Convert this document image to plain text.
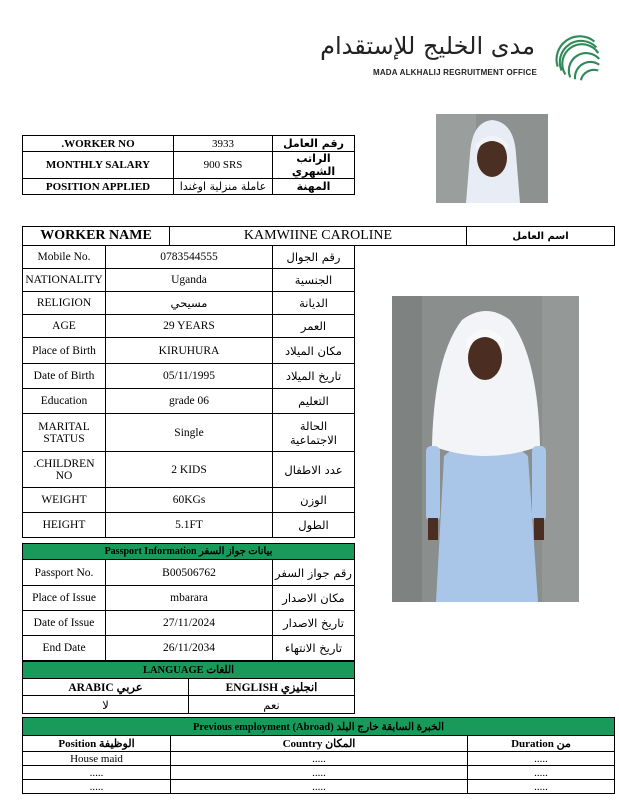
مدى الخليج للإستقدام
MADA ALKHALIJ REGRUITMENT OFFICE
.WORKER NO	3933	رقم العامل
MONTHLY SALARY	900 SRS	الراتب الشهري
POSITION APPLIED	عاملة منزلية اوغندا	المهنة
WORKER NAME	KAMWIINE CAROLINE	اسم العامل
Mobile No.	0783544555	رقم الجوال
NATIONALITY	Uganda	الجنسية
RELIGION	مسيحي	الديانة
AGE	29 YEARS	العمر
Place of Birth	KIRUHURA	مكان الميلاد
Date of Birth	05/11/1995	تاريخ الميلاد
Education	grade 06	التعليم
MARITAL STATUS	Single	الحالة الاجتماعية
.CHILDREN NO	2 KIDS	عدد الاطفال
WEIGHT	60KGs	الوزن
HEIGHT	5.1FT	الطول
Passport Information بيانات جواز السفر		
Passport No.	B00506762	رقم جواز السفر
Place of Issue	mbarara	مكان الاصدار
Date of Issue	27/11/2024	تاريخ الاصدار
End Date	26/11/2034	تاريخ الانتهاء
LANGUAGE اللغات	
ARABIC عربي	ENGLISH انجليزي
لا	نعم
Previous employment (Abroad) الخبرة السابقة خارج البلد		
Position الوظيفة	Country المكان	Duration من
House maid	.....	.....
.....	.....	.....
.....	.....	.....
